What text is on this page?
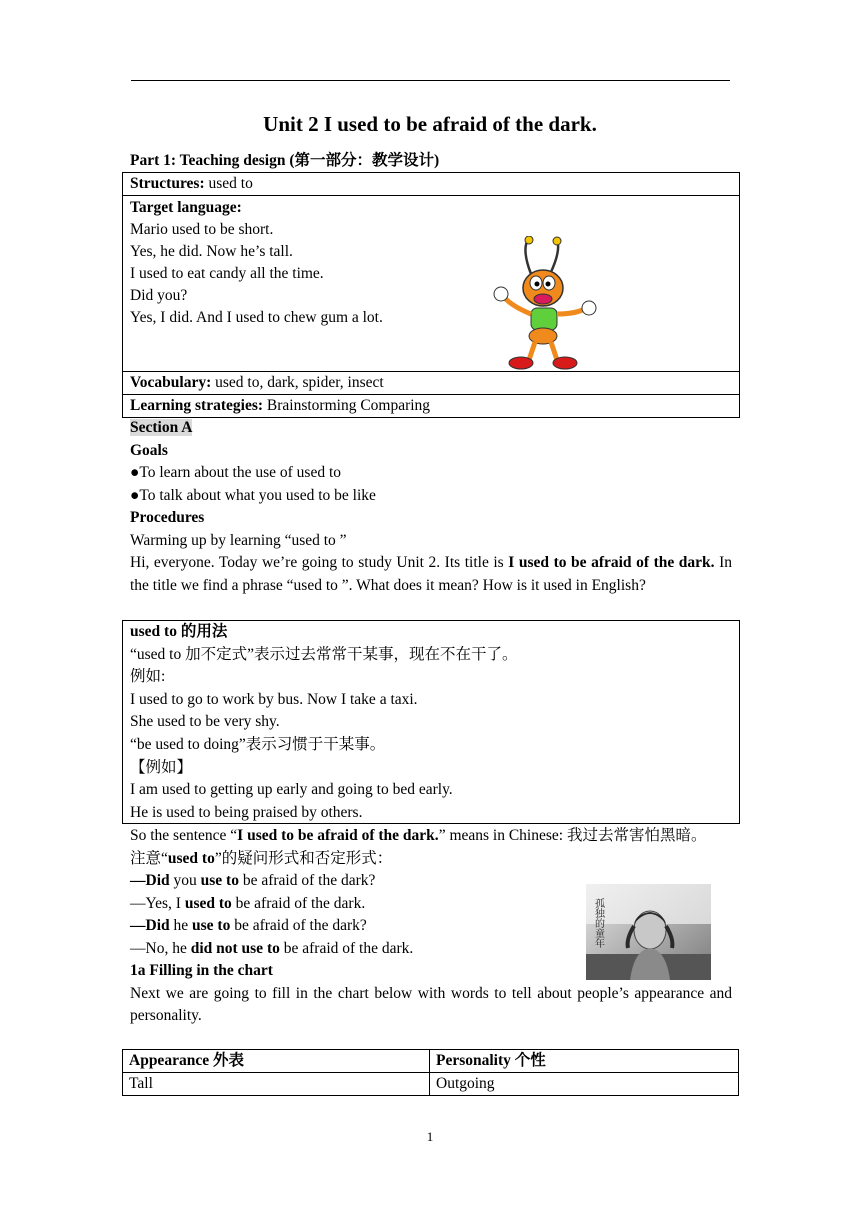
Unit 2 I used to be afraid of the dark.

Part 1: Teaching design (第一部分：教学设计)

Structures: used to

Target language:

Mario used to be short.

Yes, he did. Now he’s tall.

I used to eat candy all the time.

Did you?

Yes, I did. And I used to chew gum a lot.

Vocabulary: used to, dark, spider, insect
Learning strategies: Brainstorming Comparing

Section A

Goals

●To learn about the use of used to

●To talk about what you used to be like

Procedures

Warming up by learning “used to ”

Hi, everyone. Today we’re going to study Unit 2. Its title is I used to be afraid of the dark. In the title we find a phrase “used to ”. What does it mean? How is it used in English?

used to 的用法
“used to 加不定式”表示过去常常干某事，现在不在干了。
例如:
I used to go to work by bus. Now I take a taxi.
She used to be very shy.
“be used to doing”表示习惯于干某事。
【例如】
I am used to getting up early and going to bed early.
He is used to being praised by others.

So the sentence “I used to be afraid of the dark.” means in Chinese: 我过去常害怕黑暗。

注意“used to”的疑问形式和否定形式：

—Did you use to be afraid of the dark?

—Yes, I used to be afraid of the dark.

—Did he use to be afraid of the dark?

—No, he did not use to be afraid of the dark.

1a Filling in the chart

Next we are going to fill in the chart below with words to tell about people’s appearance and personality.

孤独的童年
Appearance 外表	Personality 个性
Tall	Outgoing
1
